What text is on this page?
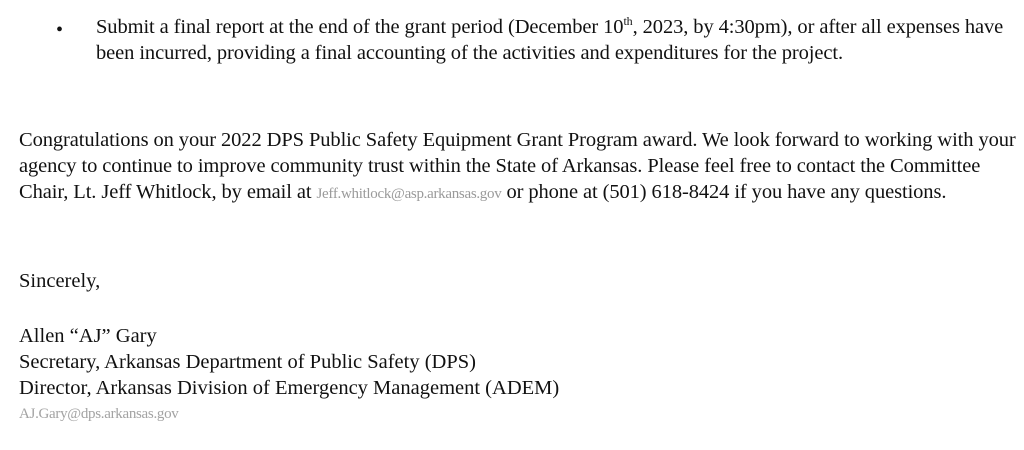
• Submit a final report at the end of the grant period (December 10th, 2023, by 4:30pm), or after all expenses have been incurred, providing a final accounting of the activities and expenditures for the project.
Congratulations on your 2022 DPS Public Safety Equipment Grant Program award. We look forward to working with your agency to continue to improve community trust within the State of Arkansas. Please feel free to contact the Committee Chair, Lt. Jeff Whitlock, by email at Jeff.whitlock@asp.arkansas.gov or phone at (501) 618-8424 if you have any questions.
Sincerely,
Allen “AJ” Gary
Secretary, Arkansas Department of Public Safety (DPS)
Director, Arkansas Division of Emergency Management (ADEM)
AJ.Gary@dps.arkansas.gov
